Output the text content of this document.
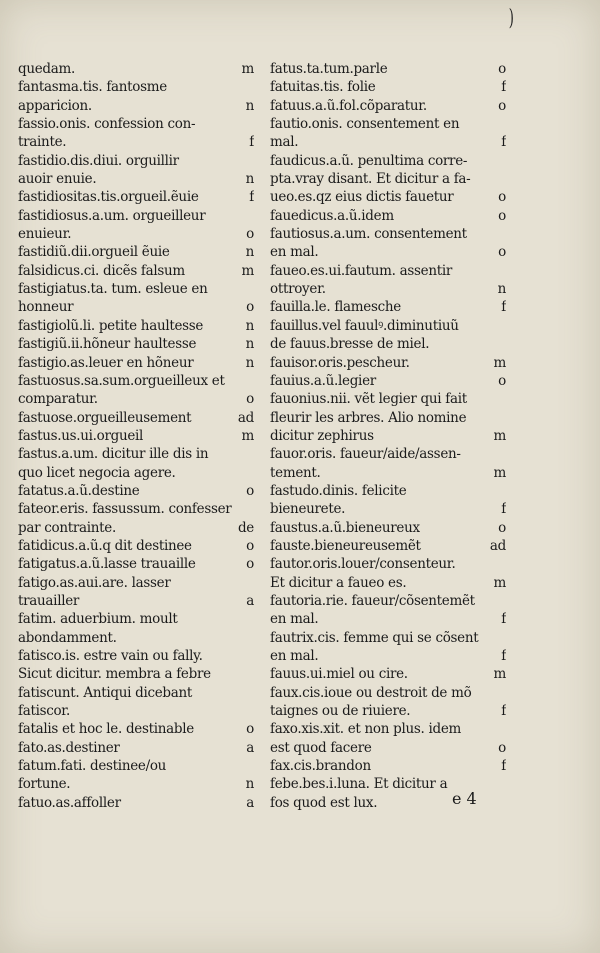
)
quedam.	m
fantasma.tis. fantosme
apparicion.	n
fassio.onis. confession con-
trainte.	f
fastidio.dis.diui. orguillir
auoir enuie.	n
fastidiositas.tis.orgueil.ẽuie	f
fastidiosus.a.um. orgueilleur
enuieur.	o
fastidiũ.dii.orgueil ẽuie	n
falsidicus.ci. dicẽs falsum	m
fastigiatus.ta. tum. esleue en
honneur	o
fastigiolũ.li. petite haultesse	n
fastigiũ.ii.hõneur haultesse	n
fastigio.as.leuer en hõneur	n
fastuosus.sa.sum.orgueilleux et
comparatur.	o
fastuose.orgueilleusement	ad
fastus.us.ui.orgueil	m
fastus.a.um. dicitur ille dis in
quo licet negocia agere.
fatatus.a.ũ.destine	o
fateor.eris. fassussum. confesser
par contrainte.	de
fatidicus.a.ũ.q dit destinee	o
fatigatus.a.ũ.lasse trauaille	o
fatigo.as.aui.are. lasser
trauailler	a
fatim. aduerbium. moult
abondamment.
fatisco.is. estre vain ou fally.
Sicut dicitur. membra a febre
fatiscunt. Antiqui dicebant
fatiscor.
fatalis et hoc le. destinable	o
fato.as.destiner	a
fatum.fati. destinee/ou
fortune.	n
fatuo.as.affoller	a
fatus.ta.tum.parle	o
fatuitas.tis. folie	f
fatuus.a.ũ.fol.cõparatur.	o
fautio.onis. consentement en
mal.	f
faudicus.a.ũ. penultima corre-
pta.vray disant. Et dicitur a fa-
ueo.es.qz eius dictis fauetur	o
fauedicus.a.ũ.idem	o
fautiosus.a.um. consentement
en mal.	o
faueo.es.ui.fautum. assentir
ottroyer.	n
fauilla.le. flamesche	f
fauillus.vel fauulꝰ.diminutiuũ
de fauus.bresse de miel.
fauisor.oris.pescheur.	m
fauius.a.ũ.legier	o
fauonius.nii. vẽt legier qui fait
fleurir les arbres. Alio nomine
dicitur zephirus	m
fauor.oris. faueur/aide/assen-
tement.	m
fastudo.dinis. felicite
bieneurete.	f
faustus.a.ũ.bieneureux	o
fauste.bieneureusemẽt	ad
fautor.oris.louer/consenteur.
Et dicitur a faueo es.	m
fautoria.rie. faueur/cõsentemẽt
en mal.	f
fautrix.cis. femme qui se cõsent
en mal.	f
fauus.ui.miel ou cire.	m
faux.cis.ioue ou destroit de mõ
taignes ou de riuiere.	f
faxo.xis.xit. et non plus. idem
est quod facere	o
fax.cis.brandon	f
febe.bes.i.luna. Et dicitur a
fos quod est lux.	e 4
